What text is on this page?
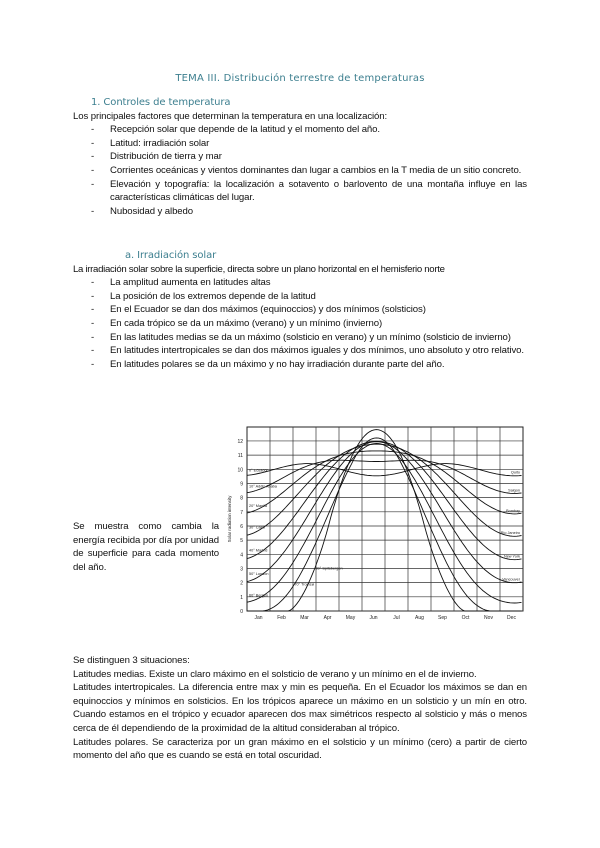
TEMA III. Distribución terrestre de temperaturas
1. Controles de temperatura
Los principales factores que determinan la temperatura en una localización:
- Recepción solar que depende de la latitud y el momento del año.
- Latitud: irradiación solar
- Distribución de tierra y mar
- Corrientes oceánicas y vientos dominantes dan lugar a cambios en la T media de un sitio concreto.
- Elevación y topografía: la localización a sotavento o barlovento de una montaña influye en las características climáticas del lugar.
- Nubosidad y albedo
a. Irradiación solar
La irradiación solar sobre la superficie, directa sobre un plano horizontal en el hemisferio norte
- La amplitud aumenta en latitudes altas
- La posición de los extremos depende de la latitud
- En el Ecuador se dan dos máximos (equinoccios) y dos mínimos (solsticios)
- En cada trópico se da un máximo (verano) y un mínimo (invierno)
- En las latitudes medias se da un máximo (solsticio en verano) y un mínimo (solsticio de invierno)
- En latitudes intertropicales se dan dos máximos iguales y dos mínimos, uno absoluto y otro relativo.
- En latitudes polares se da un máximo y no hay irradiación durante parte del año.
Se muestra como cambia la energía recibida por día por unidad de superficie para cada momento del año.
0
1
2
3
4
5
6
7
8
9
10
11
12
Jan	Feb	Mar	Apr	May	Jun	Jul	Aug	Sep	Oct	Nov	Dec
Solar radiation intensity
0° Ecuador
10° Addis Ababa
20° Manila
30° Cairo
40° Madrid
50° London
60° Bergen
70° Tromsø
80° Spitsbergen
Quito
Saigon
Bombay
Rio Janeiro
New York
Vancouver
Se distinguen 3 situaciones:
Latitudes medias. Existe un claro máximo en el solsticio de verano y un mínimo en el de invierno.
Latitudes intertropicales. La diferencia entre max y min es pequeña. En el Ecuador los máximos se dan en equinoccios y mínimos en solsticios. En los trópicos aparece un máximo en un solsticio y un mín en otro. Cuando estamos en el trópico y ecuador aparecen dos max simétricos respecto al solsticio y más o menos cerca de él dependiendo de la proximidad de la altitud consideraban al trópico.
Latitudes polares. Se caracteriza por un gran máximo en el solsticio y un mínimo (cero) a partir de cierto momento del año que es cuando se está en total oscuridad.
